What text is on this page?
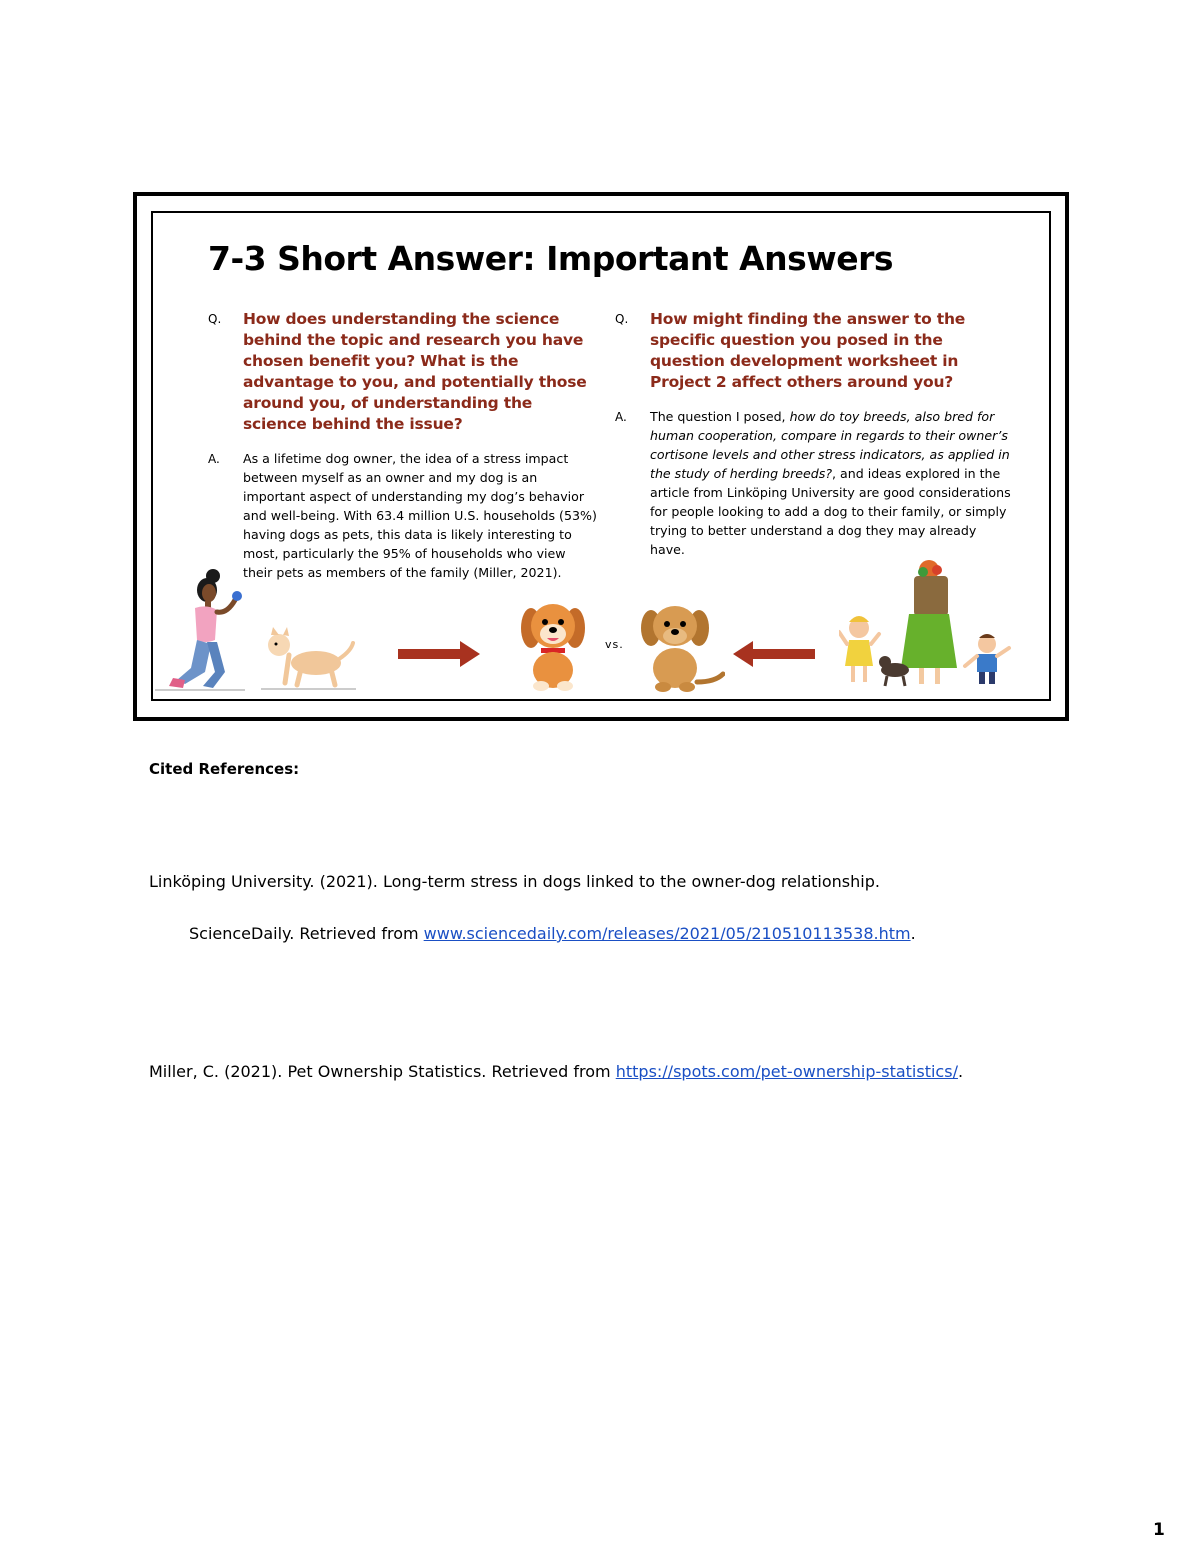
7-3 Short Answer: Important Answers
Q.	How does understanding the science behind the topic and research you have chosen benefit you? What is the advantage to you, and potentially those around you, of understanding the science behind the issue?
A.	As a lifetime dog owner, the idea of a stress impact between myself as an owner and my dog is an important aspect of understanding my dog’s behavior and well-being. With 63.4 million U.S. households (53%) having dogs as pets, this data is likely interesting to most, particularly the 95% of households who view their pets as members of the family (Miller, 2021).
Q.	How might finding the answer to the specific question you posed in the question development worksheet in Project 2 affect others around you?
A.	The question I posed, how do toy breeds, also bred for human cooperation, compare in regards to their owner’s cortisone levels and other stress indicators, as applied in the study of herding breeds?, and ideas explored in the article from Linköping University are good considerations for people looking to add a dog to their family, or simply trying to better understand a dog they may already have.
vs.
Cited References:
Linköping University. (2021). Long-term stress in dogs linked to the owner-dog relationship.
ScienceDaily. Retrieved from www.sciencedaily.com/releases/2021/05/210510113538.htm.
Miller, C. (2021). Pet Ownership Statistics. Retrieved from https://spots.com/pet-ownership-statistics/.
1
